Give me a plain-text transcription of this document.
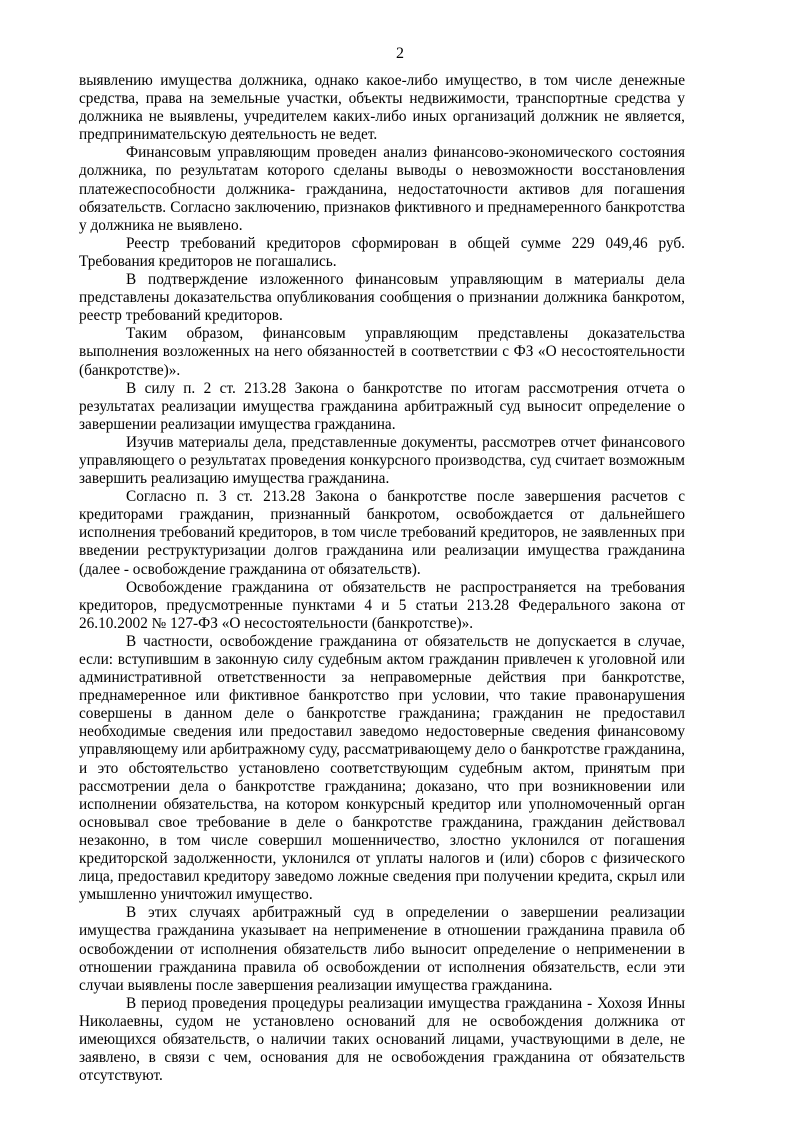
2

выявлению имущества должника, однако какое-либо имущество, в том числе денежные средства, права на земельные участки, объекты недвижимости, транспортные средства у должника не выявлены, учредителем каких-либо иных организаций должник не является, предпринимательскую деятельность не ведет.

Финансовым управляющим проведен анализ финансово-экономического состояния должника, по результатам которого сделаны выводы о невозможности восстановления платежеспособности должника- гражданина, недостаточности активов для погашения обязательств. Согласно заключению, признаков фиктивного и преднамеренного банкротства у должника не выявлено.

Реестр требований кредиторов сформирован в общей сумме 229 049,46 руб. Требования кредиторов не погашались.

В подтверждение изложенного финансовым управляющим в материалы дела представлены доказательства опубликования сообщения о признании должника банкротом, реестр требований кредиторов.

Таким образом, финансовым управляющим представлены доказательства выполнения возложенных на него обязанностей в соответствии с ФЗ «О несостоятельности (банкротстве)».

В силу п. 2 ст. 213.28 Закона о банкротстве по итогам рассмотрения отчета о результатах реализации имущества гражданина арбитражный суд выносит определение о завершении реализации имущества гражданина.

Изучив материалы дела, представленные документы, рассмотрев отчет финансового управляющего о результатах проведения конкурсного производства, суд считает возможным завершить реализацию имущества гражданина.

Согласно п. 3 ст. 213.28 Закона о банкротстве после завершения расчетов с кредиторами гражданин, признанный банкротом, освобождается от дальнейшего исполнения требований кредиторов, в том числе требований кредиторов, не заявленных при введении реструктуризации долгов гражданина или реализации имущества гражданина (далее - освобождение гражданина от обязательств).

Освобождение гражданина от обязательств не распространяется на требования кредиторов, предусмотренные пунктами 4 и 5 статьи 213.28 Федерального закона от 26.10.2002 № 127-ФЗ «О несостоятельности (банкротстве)».

В частности, освобождение гражданина от обязательств не допускается в случае, если: вступившим в законную силу судебным актом гражданин привлечен к уголовной или административной ответственности за неправомерные действия при банкротстве, преднамеренное или фиктивное банкротство при условии, что такие правонарушения совершены в данном деле о банкротстве гражданина; гражданин не предоставил необходимые сведения или предоставил заведомо недостоверные сведения финансовому управляющему или арбитражному суду, рассматривающему дело о банкротстве гражданина, и это обстоятельство установлено соответствующим судебным актом, принятым при рассмотрении дела о банкротстве гражданина; доказано, что при возникновении или исполнении обязательства, на котором конкурсный кредитор или уполномоченный орган основывал свое требование в деле о банкротстве гражданина, гражданин действовал незаконно, в том числе совершил мошенничество, злостно уклонился от погашения кредиторской задолженности, уклонился от уплаты налогов и (или) сборов с физического лица, предоставил кредитору заведомо ложные сведения при получении кредита, скрыл или умышленно уничтожил имущество.

В этих случаях арбитражный суд в определении о завершении реализации имущества гражданина указывает на неприменение в отношении гражданина правила об освобождении от исполнения обязательств либо выносит определение о неприменении в отношении гражданина правила об освобождении от исполнения обязательств, если эти случаи выявлены после завершения реализации имущества гражданина.

В период проведения процедуры реализации имущества гражданина - Хохозя Инны Николаевны, судом не установлено оснований для не освобождения должника от имеющихся обязательств, о наличии таких оснований лицами, участвующими в деле, не заявлено, в связи с чем, основания для не освобождения гражданина от обязательств отсутствуют.
